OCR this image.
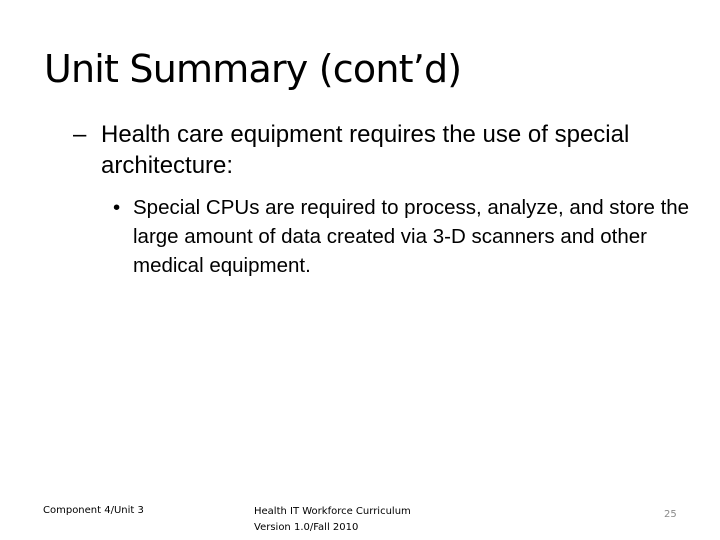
Unit Summary (cont’d)
– Health care equipment requires the use of special architecture:
• Special CPUs are required to process, analyze, and store the large amount of data created via 3-D scanners and other medical equipment.
Component 4/Unit 3	Health IT Workforce Curriculum
Version 1.0/Fall 2010
25
